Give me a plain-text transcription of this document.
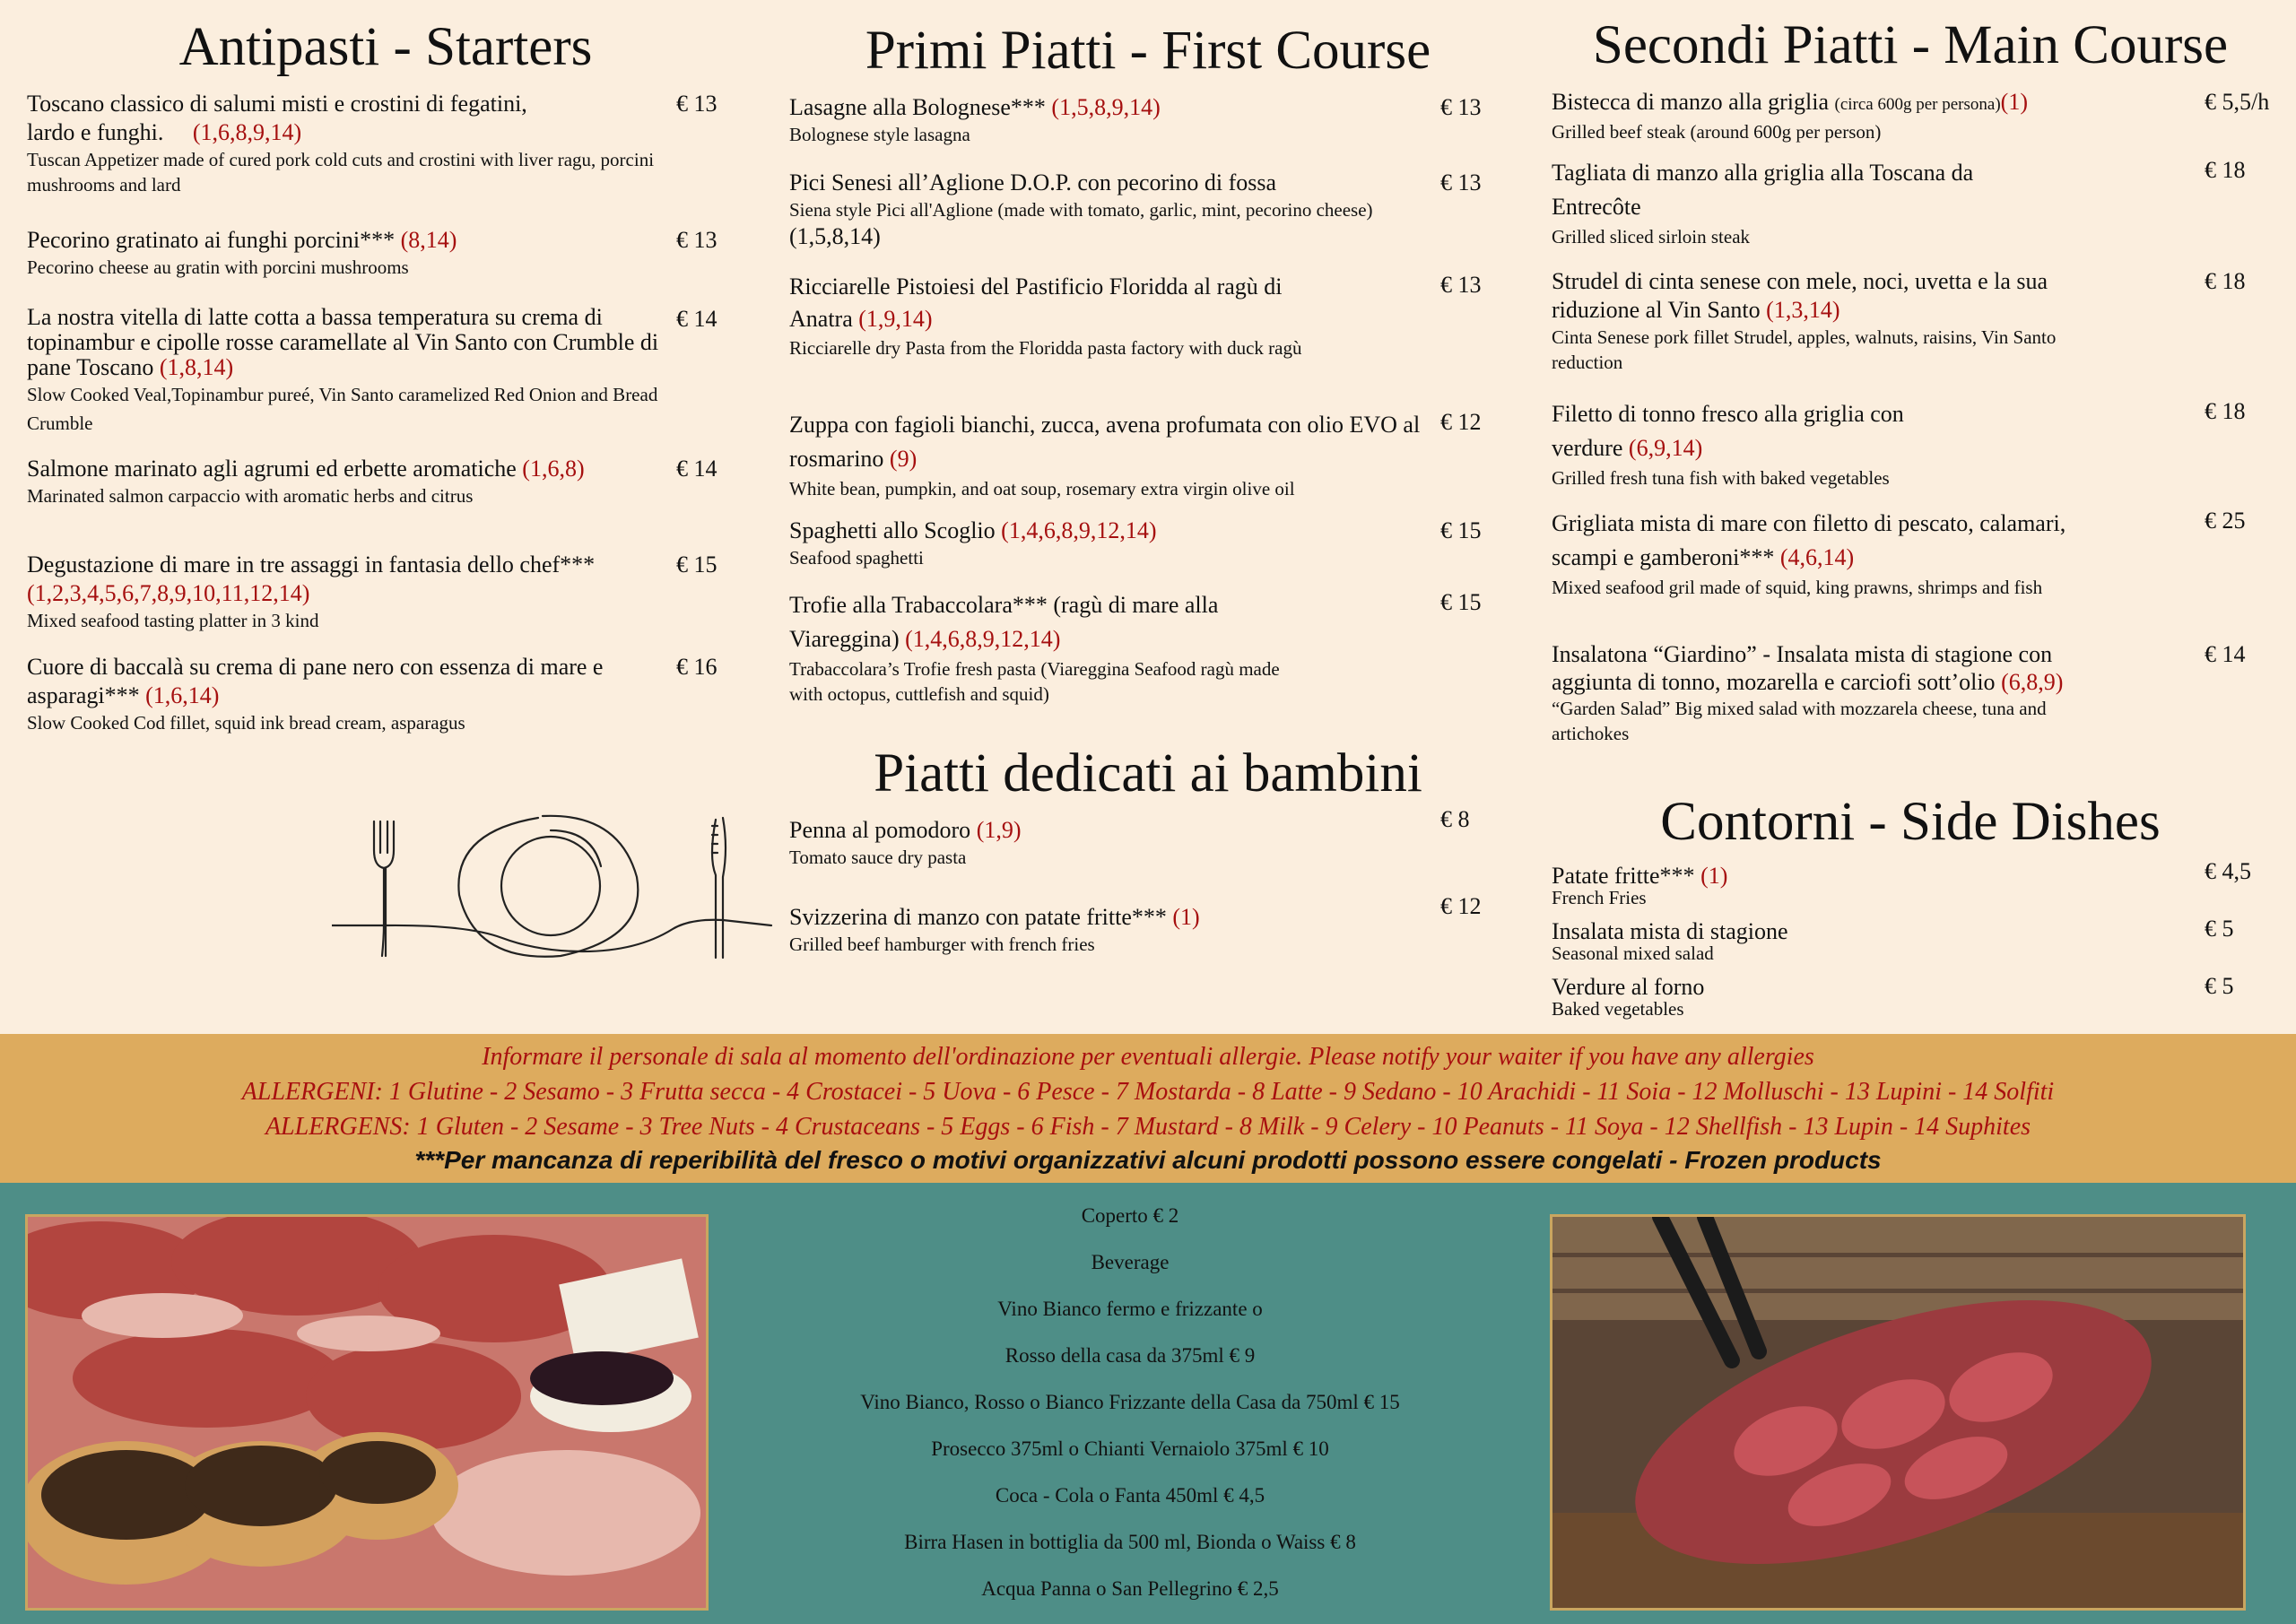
Antipasti - Starters
Toscano classico di salumi misti e crostini di fegatini,
lardo e funghi. (1,6,8,9,14)
Tuscan Appetizer made of cured pork cold cuts and crostini with liver ragu, porcini mushrooms and lard
€ 13
Pecorino gratinato ai funghi porcini*** (8,14)
Pecorino cheese au gratin with porcini mushrooms
€ 13
La nostra vitella di latte cotta a bassa temperatura su crema di topinambur e cipolle rosse caramellate al Vin Santo con Crumble di pane Toscano (1,8,14)
Slow Cooked Veal,Topinambur pureé, Vin Santo caramelized Red Onion and Bread Crumble
€ 14
Salmone marinato agli agrumi ed erbette aromatiche (1,6,8)
Marinated salmon carpaccio with aromatic herbs and citrus
€ 14
Degustazione di mare in tre assaggi in fantasia dello chef***(1,2,3,4,5,6,7,8,9,10,11,12,14)
Mixed seafood tasting platter in 3 kind
€ 15
Cuore di baccalà su crema di pane nero con essenza di mare e asparagi*** (1,6,14)
Slow Cooked Cod fillet, squid ink bread cream, asparagus
€ 16
Primi Piatti - First Course
Lasagne alla Bolognese*** (1,5,8,9,14)
Bolognese style lasagna
€ 13
Pici Senesi all’Aglione D.O.P. con pecorino di fossa
Siena style Pici all'Aglione (made with tomato, garlic, mint, pecorino cheese)
(1,5,8,14)
€ 13
Ricciarelle Pistoiesi del Pastificio Floridda al ragù di Anatra (1,9,14)
Ricciarelle dry Pasta from the Floridda pasta factory with duck ragù
€ 13
Zuppa con fagioli bianchi, zucca, avena profumata con olio EVO al rosmarino (9)
White bean, pumpkin, and oat soup, rosemary extra virgin olive oil
€ 12
Spaghetti allo Scoglio (1,4,6,8,9,12,14)
Seafood spaghetti
€ 15
Trofie alla Trabaccolara*** (ragù di mare alla Viareggina) (1,4,6,8,9,12,14)
Trabaccolara’s Trofie fresh pasta (Viareggina Seafood ragù made with octopus, cuttlefish and squid)
€ 15
Piatti dedicati ai bambini
Penna al pomodoro (1,9)
Tomato sauce dry pasta
€ 8
Svizzerina di manzo con patate fritte*** (1)
Grilled beef hamburger with french fries
€ 12
Secondi Piatti - Main Course
Bistecca di manzo alla griglia (circa 600g per persona)(1)
Grilled beef steak (around 600g per person)
€ 5,5/h
Tagliata di manzo alla griglia alla Toscana da Entrecôte
Grilled sliced sirloin steak
€ 18
Strudel di cinta senese con mele, noci, uvetta e la sua riduzione al Vin Santo (1,3,14)
Cinta Senese pork fillet Strudel, apples, walnuts, raisins, Vin Santo reduction
€ 18
Filetto di tonno fresco alla griglia con verdure (6,9,14)
Grilled fresh tuna fish with baked vegetables
€ 18
Grigliata mista di mare con filetto di pescato, calamari, scampi e gamberoni*** (4,6,14)
Mixed seafood gril made of squid, king prawns, shrimps and fish
€ 25
Insalatona “Giardino” - Insalata mista di stagione con aggiunta di tonno, mozarella e carciofi sott’olio (6,8,9)
“Garden Salad” Big mixed salad with mozzarela cheese, tuna and artichokes
€ 14
Contorni - Side Dishes
Patate fritte*** (1)
French Fries
€ 4,5
Insalata mista di stagione
Seasonal mixed salad
€ 5
Verdure al forno
Baked vegetables
€ 5
Informare il personale di sala al momento dell'ordinazione per eventuali allergie. Please notify your waiter if you have any allergies
ALLERGENI: 1 Glutine - 2 Sesamo - 3 Frutta secca - 4 Crostacei - 5 Uova - 6 Pesce - 7 Mostarda - 8 Latte - 9 Sedano - 10 Arachidi - 11 Soia - 12 Molluschi - 13 Lupini - 14 Solfiti
ALLERGENS: 1 Gluten - 2 Sesame - 3 Tree Nuts - 4 Crustaceans - 5 Eggs - 6 Fish - 7 Mustard - 8 Milk - 9 Celery - 10 Peanuts - 11 Soya - 12 Shellfish - 13 Lupin - 14 Suphites
***Per mancanza di reperibilità del fresco o motivi organizzativi alcuni prodotti possono essere congelati - Frozen products
Coperto € 2
Beverage
Vino Bianco fermo e frizzante o
Rosso della casa da 375ml € 9
Vino Bianco, Rosso o Bianco Frizzante della Casa da 750ml € 15
Prosecco 375ml o Chianti Vernaiolo 375ml € 10
Coca - Cola o Fanta 450ml € 4,5
Birra Hasen in bottiglia da 500 ml, Bionda o Waiss € 8
Acqua Panna o San Pellegrino € 2,5
